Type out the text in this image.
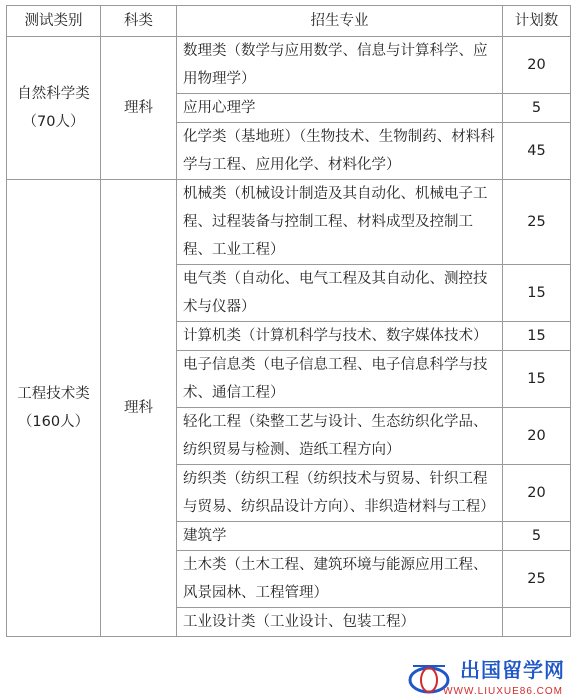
测试类别	科类	招生专业	计划数

自然科学类
（70人）	理科	数理类（数学与应用数学、信息与计算科学、应用物理学）	20
		应用心理学	5
		化学类（基地班）（生物技术、生物制药、材料科学与工程、应用化学、材料化学）	45

工程技术类
（160人）	理科	机械类（机械设计制造及其自动化、机械电子工程、过程装备与控制工程、材料成型及控制工程、工业工程）	25
		电气类（自动化、电气工程及其自动化、测控技术与仪器）	15
		计算机类（计算机科学与技术、数字媒体技术）	15
		电子信息类（电子信息工程、电子信息科学与技术、通信工程）	15
		轻化工程（染整工艺与设计、生态纺织化学品、纺织贸易与检测、造纸工程方向）	20
		纺织类（纺织工程（纺织技术与贸易、针织工程与贸易、纺织品设计方向）、非织造材料与工程）	20
		建筑学	5
		土木类（土木工程、建筑环境与能源应用工程、风景园林、工程管理）	25
		工业设计类（工业设计、包装工程）	
出国留学网
WWW.LIUXUE86.COM
